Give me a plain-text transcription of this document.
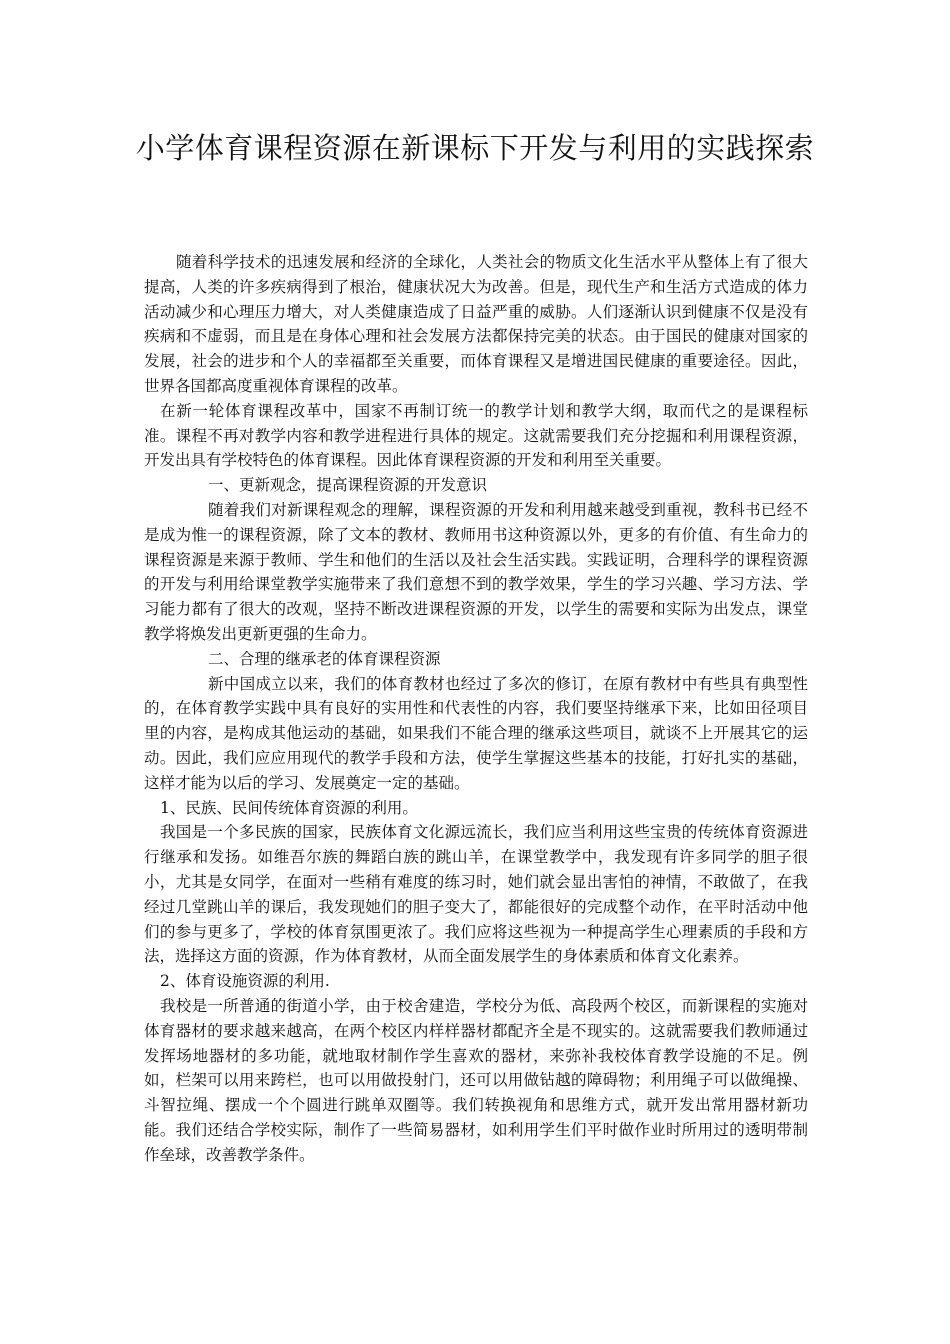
小学体育课程资源在新课标下开发与利用的实践探索

随着科学技术的迅速发展和经济的全球化，人类社会的物质文化生活水平从整体上有了很大提高，人类的许多疾病得到了根治，健康状况大为改善。但是，现代生产和生活方式造成的体力活动减少和心理压力增大，对人类健康造成了日益严重的威胁。人们逐渐认识到健康不仅是没有疾病和不虚弱，而且是在身体心理和社会发展方法都保持完美的状态。由于国民的健康对国家的发展，社会的进步和个人的幸福都至关重要，而体育课程又是增进国民健康的重要途径。因此，世界各国都高度重视体育课程的改革。

在新一轮体育课程改革中，国家不再制订统一的教学计划和教学大纲，取而代之的是课程标准。课程不再对教学内容和教学进程进行具体的规定。这就需要我们充分挖掘和利用课程资源，开发出具有学校特色的体育课程。因此体育课程资源的开发和利用至关重要。

一、更新观念，提高课程资源的开发意识

随着我们对新课程观念的理解，课程资源的开发和利用越来越受到重视，教科书已经不是成为惟一的课程资源，除了文本的教材、教师用书这种资源以外，更多的有价值、有生命力的课程资源是来源于教师、学生和他们的生活以及社会生活实践。实践证明，合理科学的课程资源的开发与利用给课堂教学实施带来了我们意想不到的教学效果，学生的学习兴趣、学习方法、学习能力都有了很大的改观，坚持不断改进课程资源的开发，以学生的需要和实际为出发点，课堂教学将焕发出更新更强的生命力。

二、合理的继承老的体育课程资源

新中国成立以来，我们的体育教材也经过了多次的修订，在原有教材中有些具有典型性的，在体育教学实践中具有良好的实用性和代表性的内容，我们要坚持继承下来，比如田径项目里的内容，是构成其他运动的基础，如果我们不能合理的继承这些项目，就谈不上开展其它的运动。因此，我们应应用现代的教学手段和方法，使学生掌握这些基本的技能，打好扎实的基础，这样才能为以后的学习、发展奠定一定的基础。

1、民族、民间传统体育资源的利用。

我国是一个多民族的国家，民族体育文化源远流长，我们应当利用这些宝贵的传统体育资源进行继承和发扬。如维吾尔族的舞蹈白族的跳山羊，在课堂教学中，我发现有许多同学的胆子很小，尤其是女同学，在面对一些稍有难度的练习时，她们就会显出害怕的神情，不敢做了，在我经过几堂跳山羊的课后，我发现她们的胆子变大了，都能很好的完成整个动作，在平时活动中他们的参与更多了，学校的体育氛围更浓了。我们应将这些视为一种提高学生心理素质的手段和方法，选择这方面的资源，作为体育教材，从而全面发展学生的身体素质和体育文化素养。

2、体育设施资源的利用.

我校是一所普通的街道小学，由于校舍建造，学校分为低、高段两个校区，而新课程的实施对体育器材的要求越来越高，在两个校区内样样器材都配齐全是不现实的。这就需要我们教师通过发挥场地器材的多功能，就地取材制作学生喜欢的器材，来弥补我校体育教学设施的不足。例如，栏架可以用来跨栏，也可以用做投射门，还可以用做钻越的障碍物；利用绳子可以做绳操、斗智拉绳、摆成一个个圆进行跳单双圈等。我们转换视角和思维方式，就开发出常用器材新功能。我们还结合学校实际，制作了一些简易器材，如利用学生们平时做作业时所用过的透明带制作垒球，改善教学条件。
